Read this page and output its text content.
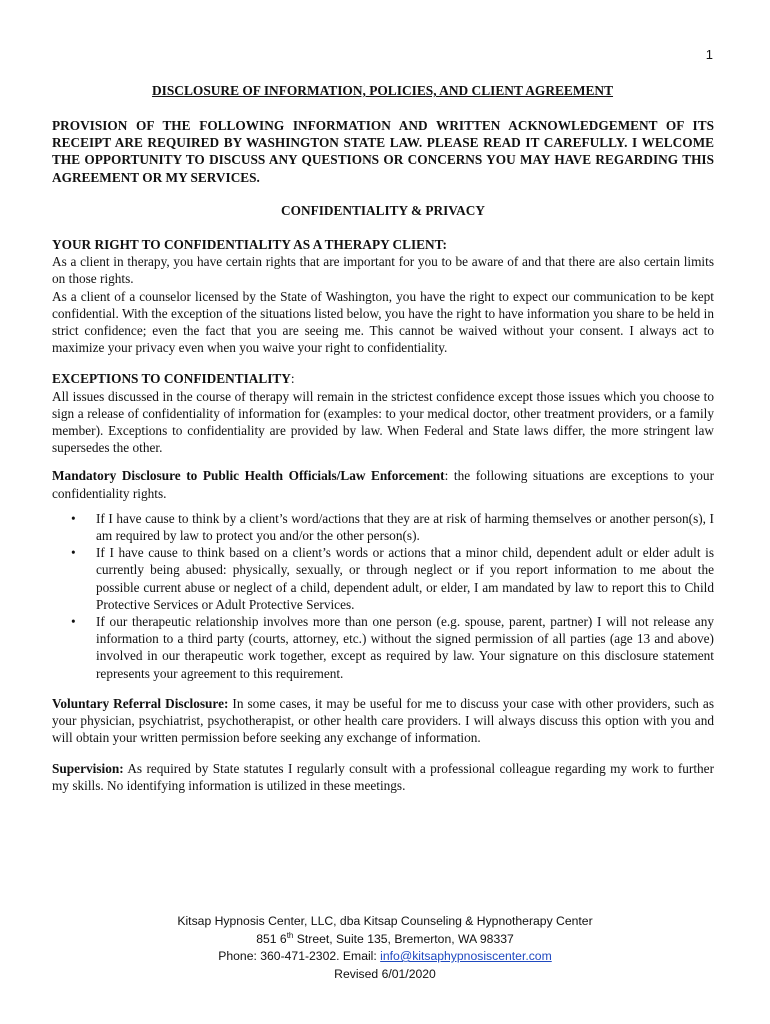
1
DISCLOSURE OF INFORMATION, POLICIES, AND CLIENT AGREEMENT

PROVISION OF THE FOLLOWING INFORMATION AND WRITTEN ACKNOWLEDGEMENT OF ITS RECEIPT ARE REQUIRED BY WASHINGTON STATE LAW. PLEASE READ IT CAREFULLY. I WELCOME THE OPPORTUNITY TO DISCUSS ANY QUESTIONS OR CONCERNS YOU MAY HAVE REGARDING THIS AGREEMENT OR MY SERVICES.

CONFIDENTIALITY & PRIVACY
YOUR RIGHT TO CONFIDENTIALITY AS A THERAPY CLIENT:

As a client in therapy, you have certain rights that are important for you to be aware of and that there are also certain limits on those rights.

As a client of a counselor licensed by the State of Washington, you have the right to expect our communication to be kept confidential. With the exception of the situations listed below, you have the right to have information you share to be held in strict confidence; even the fact that you are seeing me. This cannot be waived without your consent. I always act to maximize your privacy even when you waive your right to confidentiality.

EXCEPTIONS TO CONFIDENTIALITY:

All issues discussed in the course of therapy will remain in the strictest confidence except those issues which you choose to sign a release of confidentiality of information for (examples: to your medical doctor, other treatment providers, or a family member). Exceptions to confidentiality are provided by law. When Federal and State laws differ, the more stringent law supersedes the other.

Mandatory Disclosure to Public Health Officials/Law Enforcement: the following situations are exceptions to your confidentiality rights.

• If I have cause to think by a client’s word/actions that they are at risk of harming themselves or another person(s), I am required by law to protect you and/or the other person(s).
• If I have cause to think based on a client’s words or actions that a minor child, dependent adult or elder adult is currently being abused: physically, sexually, or through neglect or if you report information to me about the possible current abuse or neglect of a child, dependent adult, or elder, I am mandated by law to report this to Child Protective Services or Adult Protective Services.
• If our therapeutic relationship involves more than one person (e.g. spouse, parent, partner) I will not release any information to a third party (courts, attorney, etc.) without the signed permission of all parties (age 13 and above) involved in our therapeutic work together, except as required by law. Your signature on this disclosure statement represents your agreement to this requirement.

Voluntary Referral Disclosure: In some cases, it may be useful for me to discuss your case with other providers, such as your physician, psychiatrist, psychotherapist, or other health care providers. I will always discuss this option with you and will obtain your written permission before seeking any exchange of information.

Supervision: As required by State statutes I regularly consult with a professional colleague regarding my work to further my skills. No identifying information is utilized in these meetings.

Kitsap Hypnosis Center, LLC, dba Kitsap Counseling & Hypnotherapy Center
851 6th Street, Suite 135, Bremerton, WA 98337
Phone: 360-471-2302. Email: info@kitsaphypnosiscenter.com
Revised 6/01/2020
